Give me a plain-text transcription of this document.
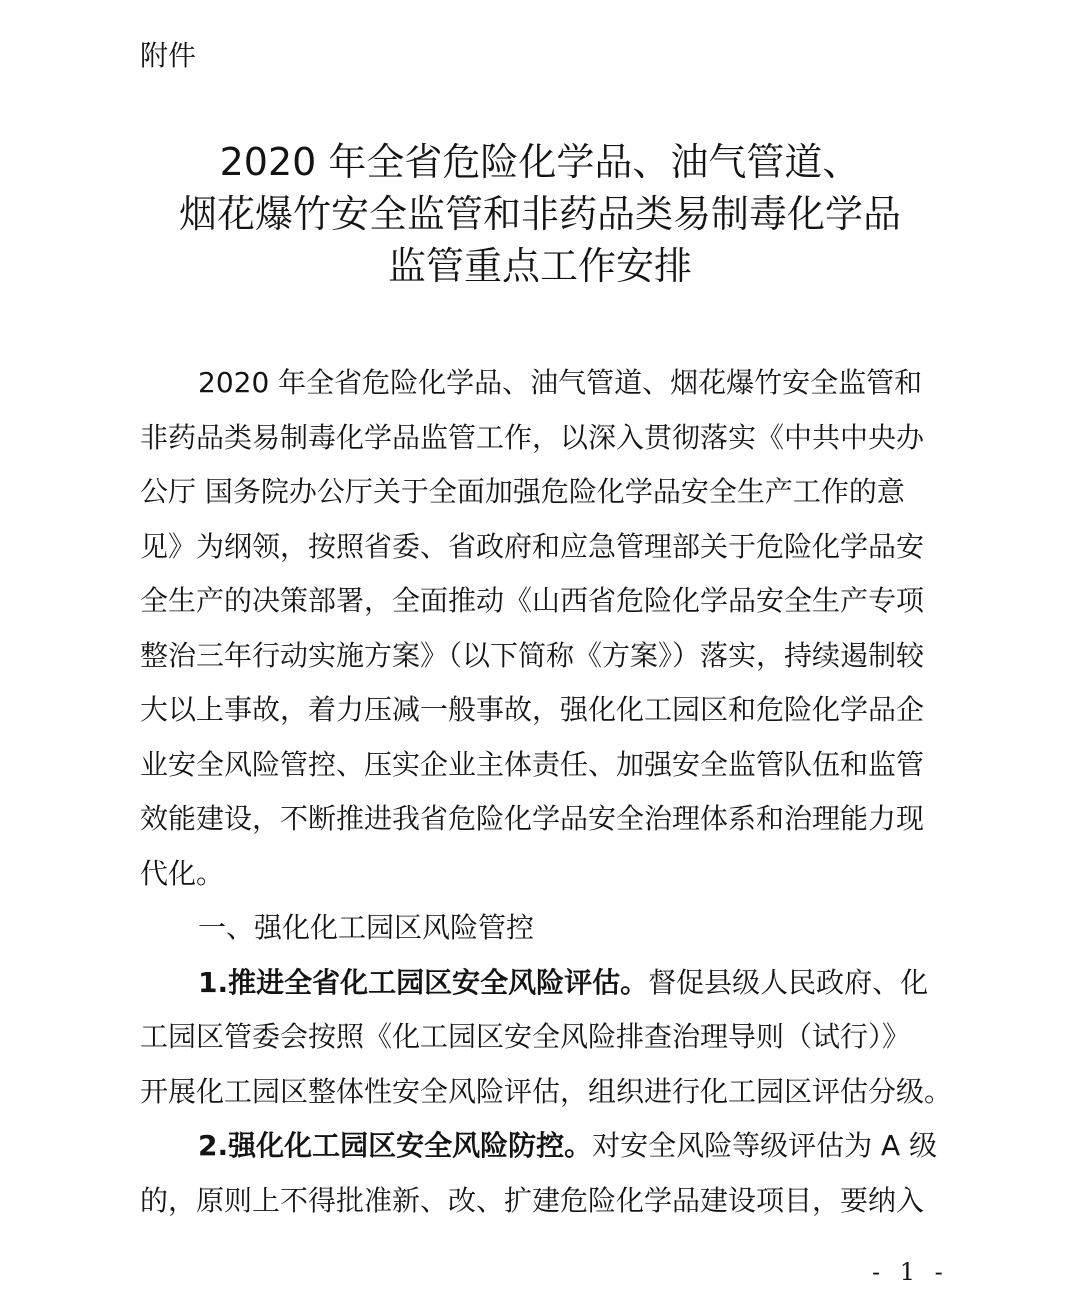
附件
2020 年全省危险化学品、油气管道、
烟花爆竹安全监管和非药品类易制毒化学品
监管重点工作安排
2020 年全省危险化学品、油气管道、烟花爆竹安全监管和
非药品类易制毒化学品监管工作，以深入贯彻落实《中共中央办
公厅 国务院办公厅关于全面加强危险化学品安全生产工作的意
见》为纲领，按照省委、省政府和应急管理部关于危险化学品安
全生产的决策部署，全面推动《山西省危险化学品安全生产专项
整治三年行动实施方案》（以下简称《方案》）落实，持续遏制较
大以上事故，着力压减一般事故，强化化工园区和危险化学品企
业安全风险管控、压实企业主体责任、加强安全监管队伍和监管
效能建设，不断推进我省危险化学品安全治理体系和治理能力现
代化。
一、强化化工园区风险管控
1.推进全省化工园区安全风险评估。督促县级人民政府、化
工园区管委会按照《化工园区安全风险排查治理导则（试行）》
开展化工园区整体性安全风险评估，组织进行化工园区评估分级。
2.强化化工园区安全风险防控。对安全风险等级评估为 A 级
的，原则上不得批准新、改、扩建危险化学品建设项目，要纳入
- 1 -
